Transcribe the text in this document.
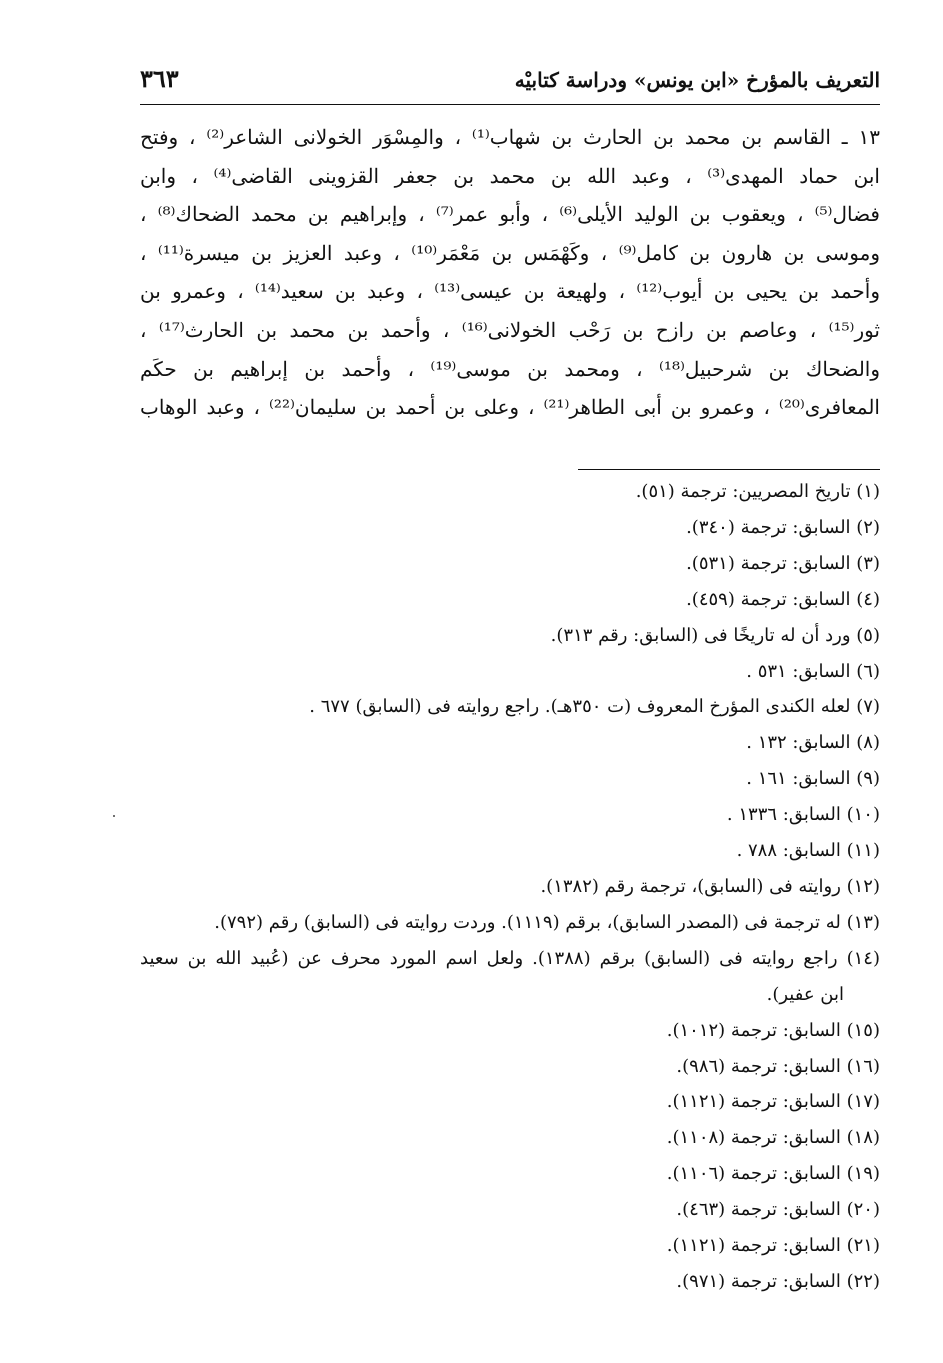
التعريف بالمؤرخ «ابن يونس» ودراسة كتابيْه
٣٦٣
١٣ ـ القاسم بن محمد بن الحارث بن شهاب⁽¹⁾ ، والمِسْوَر الخولانى الشاعر⁽²⁾ ، وفتح
ابن حماد المهدى⁽³⁾ ، وعبد الله بن محمد بن جعفر القزوينى القاضى⁽⁴⁾ ، وابن
فضال⁽⁵⁾ ، ويعقوب بن الوليد الأيلى⁽⁶⁾ ، وأبو عمر⁽⁷⁾ ، وإبراهيم بن محمد الضحاك⁽⁸⁾ ،
وموسى بن هارون بن كامل⁽⁹⁾ ، وكَهْمَس بن مَعْمَر⁽¹⁰⁾ ، وعبد العزيز بن ميسرة⁽¹¹⁾ ،
وأحمد بن يحيى بن أيوب⁽¹²⁾ ، ولهيعة بن عيسى⁽¹³⁾ ، وعبد بن سعيد⁽¹⁴⁾ ، وعمرو بن
ثور⁽¹⁵⁾ ، وعاصم بن رازح بن رَحْب الخولانى⁽¹⁶⁾ ، وأحمد بن محمد بن الحارث⁽¹⁷⁾ ،
والضحاك بن شرحبيل⁽¹⁸⁾ ، ومحمد بن موسى⁽¹⁹⁾ ، وأحمد بن إبراهيم بن حكَم
المعافرى⁽²⁰⁾ ، وعمرو بن أبى الطاهر⁽²¹⁾ ، وعلى بن أحمد بن سليمان⁽²²⁾ ، وعبد الوهاب
(١) تاريخ المصريين: ترجمة (٥١).
(٢) السابق: ترجمة (٣٤٠).
(٣) السابق: ترجمة (٥٣١).
(٤) السابق: ترجمة (٤٥٩).
(٥) ورد أن له تاريخًا فى (السابق: رقم ٣١٣).
(٦) السابق: ٥٣١ .
(٧) لعله الكندى المؤرخ المعروف (ت ٣٥٠هـ). راجع روايته فى (السابق) ٦٧٧ .
(٨) السابق: ١٣٢ .
(٩) السابق: ١٦١ .
(١٠) السابق: ١٣٣٦ .
(١١) السابق: ٧٨٨ .
(١٢) روايته فى (السابق)، ترجمة رقم (١٣٨٢).
(١٣) له ترجمة فى (المصدر السابق)، برقم (١١١٩). وردت روايته فى (السابق) رقم (٧٩٢).
(١٤) راجع روايته فى (السابق) برقم (١٣٨٨). ولعل اسم المورد محرف عن (عُبيد الله بن سعيد
ابن عفير).
(١٥) السابق: ترجمة (١٠١٢).
(١٦) السابق: ترجمة (٩٨٦).
(١٧) السابق: ترجمة (١١٢١).
(١٨) السابق: ترجمة (١١٠٨).
(١٩) السابق: ترجمة (١١٠٦).
(٢٠) السابق: ترجمة (٤٦٣).
(٢١) السابق: ترجمة (١١٢١).
(٢٢) السابق: ترجمة (٩٧١).
